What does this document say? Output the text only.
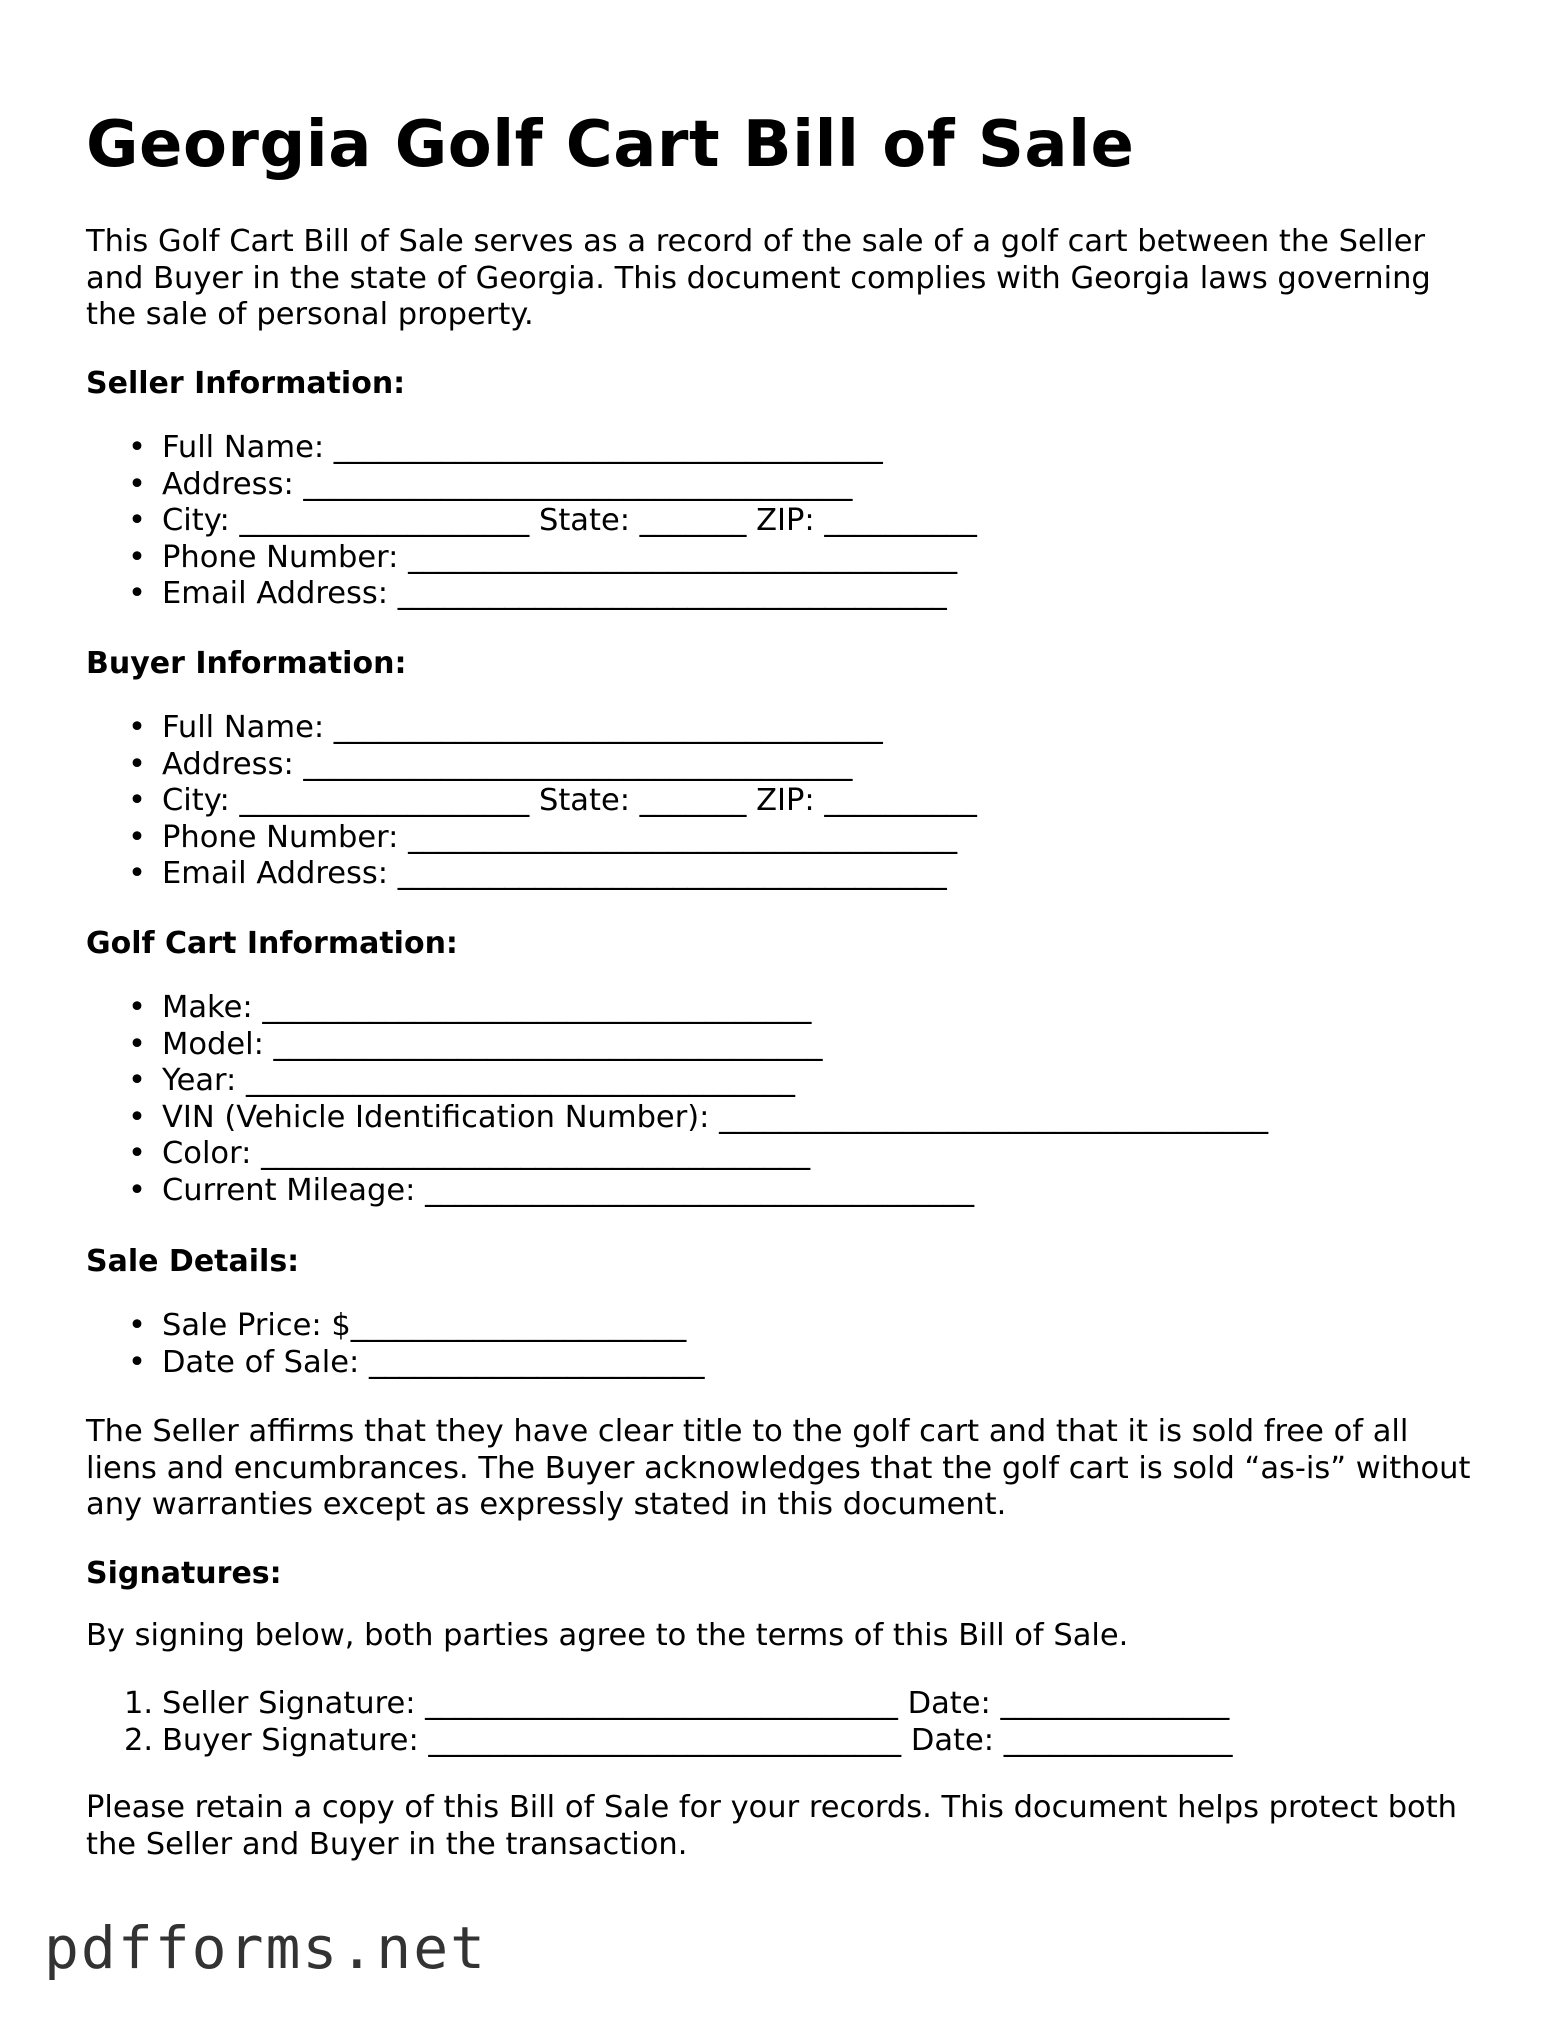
Georgia Golf Cart Bill of Sale

This Golf Cart Bill of Sale serves as a record of the sale of a golf cart between the Seller and Buyer in the state of Georgia. This document complies with Georgia laws governing the sale of personal property.

Seller Information:
• Full Name: ____________________________________
• Address: ____________________________________
• City: ___________________ State: _______ ZIP: __________
• Phone Number: ____________________________________
• Email Address: ____________________________________
Buyer Information:
• Full Name: ____________________________________
• Address: ____________________________________
• City: ___________________ State: _______ ZIP: __________
• Phone Number: ____________________________________
• Email Address: ____________________________________
Golf Cart Information:
• Make: ____________________________________
• Model: ____________________________________
• Year: ____________________________________
• VIN (Vehicle Identification Number): ____________________________________
• Color: ____________________________________
• Current Mileage: ____________________________________
Sale Details:
• Sale Price: $______________________
• Date of Sale: ______________________

The Seller affirms that they have clear title to the golf cart and that it is sold free of all liens and encumbrances. The Buyer acknowledges that the golf cart is sold “as-is” without any warranties except as expressly stated in this document.

Signatures:

By signing below, both parties agree to the terms of this Bill of Sale.

1. Seller Signature: _______________________________ Date: _______________
2. Buyer Signature: _______________________________ Date: _______________

Please retain a copy of this Bill of Sale for your records. This document helps protect both the Seller and Buyer in the transaction.

pdfforms.net
